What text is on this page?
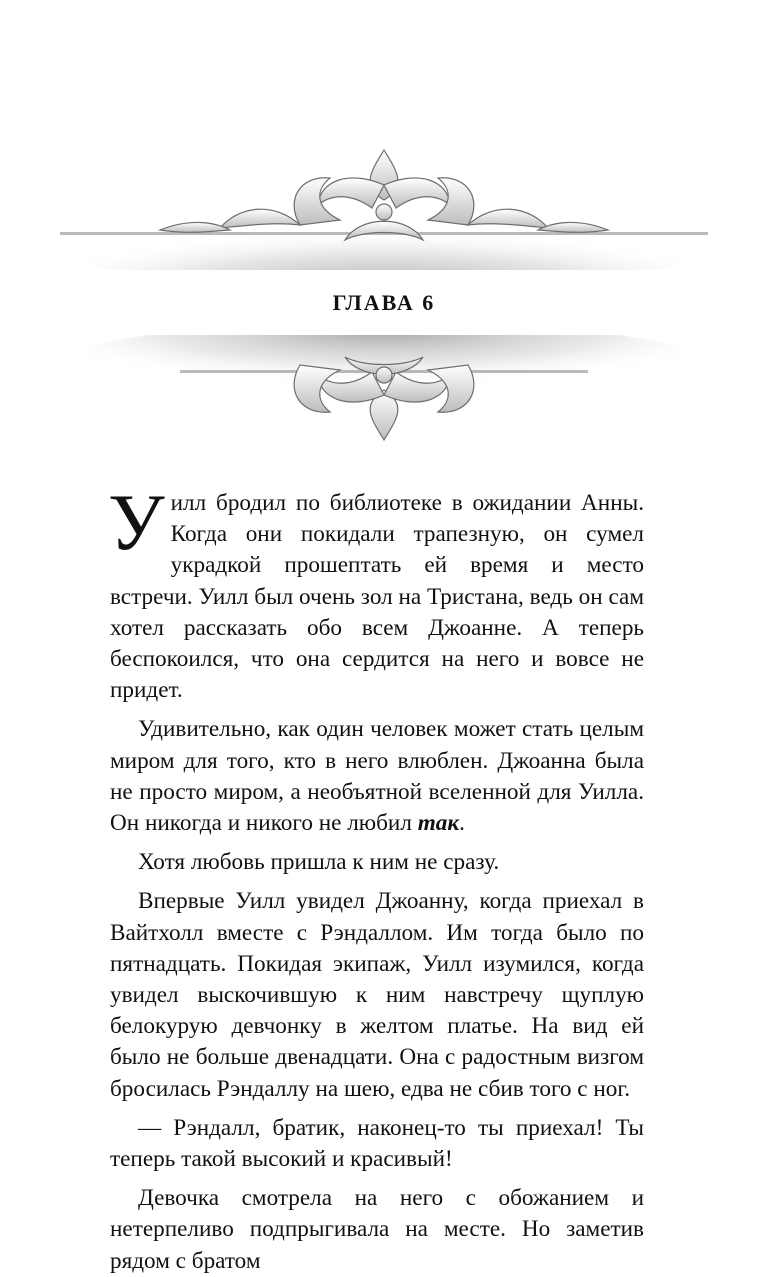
ГЛАВА 6

Уилл бродил по библиотеке в ожидании Анны. Когда они покидали трапезную, он сумел украдкой прошептать ей время и место встречи. Уилл был очень зол на Тристана, ведь он сам хотел рассказать обо всем Джоанне. А теперь беспокоился, что она сердится на него и вовсе не придет.

Удивительно, как один человек может стать целым миром для того, кто в него влюблен. Джоанна была не просто миром, а необъятной вселенной для Уилла. Он никогда и никого не любил так.

Хотя любовь пришла к ним не сразу.

Впервые Уилл увидел Джоанну, когда приехал в Вайтхолл вместе с Рэндаллом. Им тогда было по пятнадцать. Покидая экипаж, Уилл изумился, когда увидел выскочившую к ним навстречу щуплую белокурую девчонку в желтом платье. На вид ей было не больше двенадцати. Она с радостным визгом бросилась Рэндаллу на шею, едва не сбив того с ног.

— Рэндалл, братик, наконец-то ты приехал! Ты теперь такой высокий и красивый!

Девочка смотрела на него с обожанием и нетерпеливо подпрыгивала на месте. Но заметив рядом с братом
